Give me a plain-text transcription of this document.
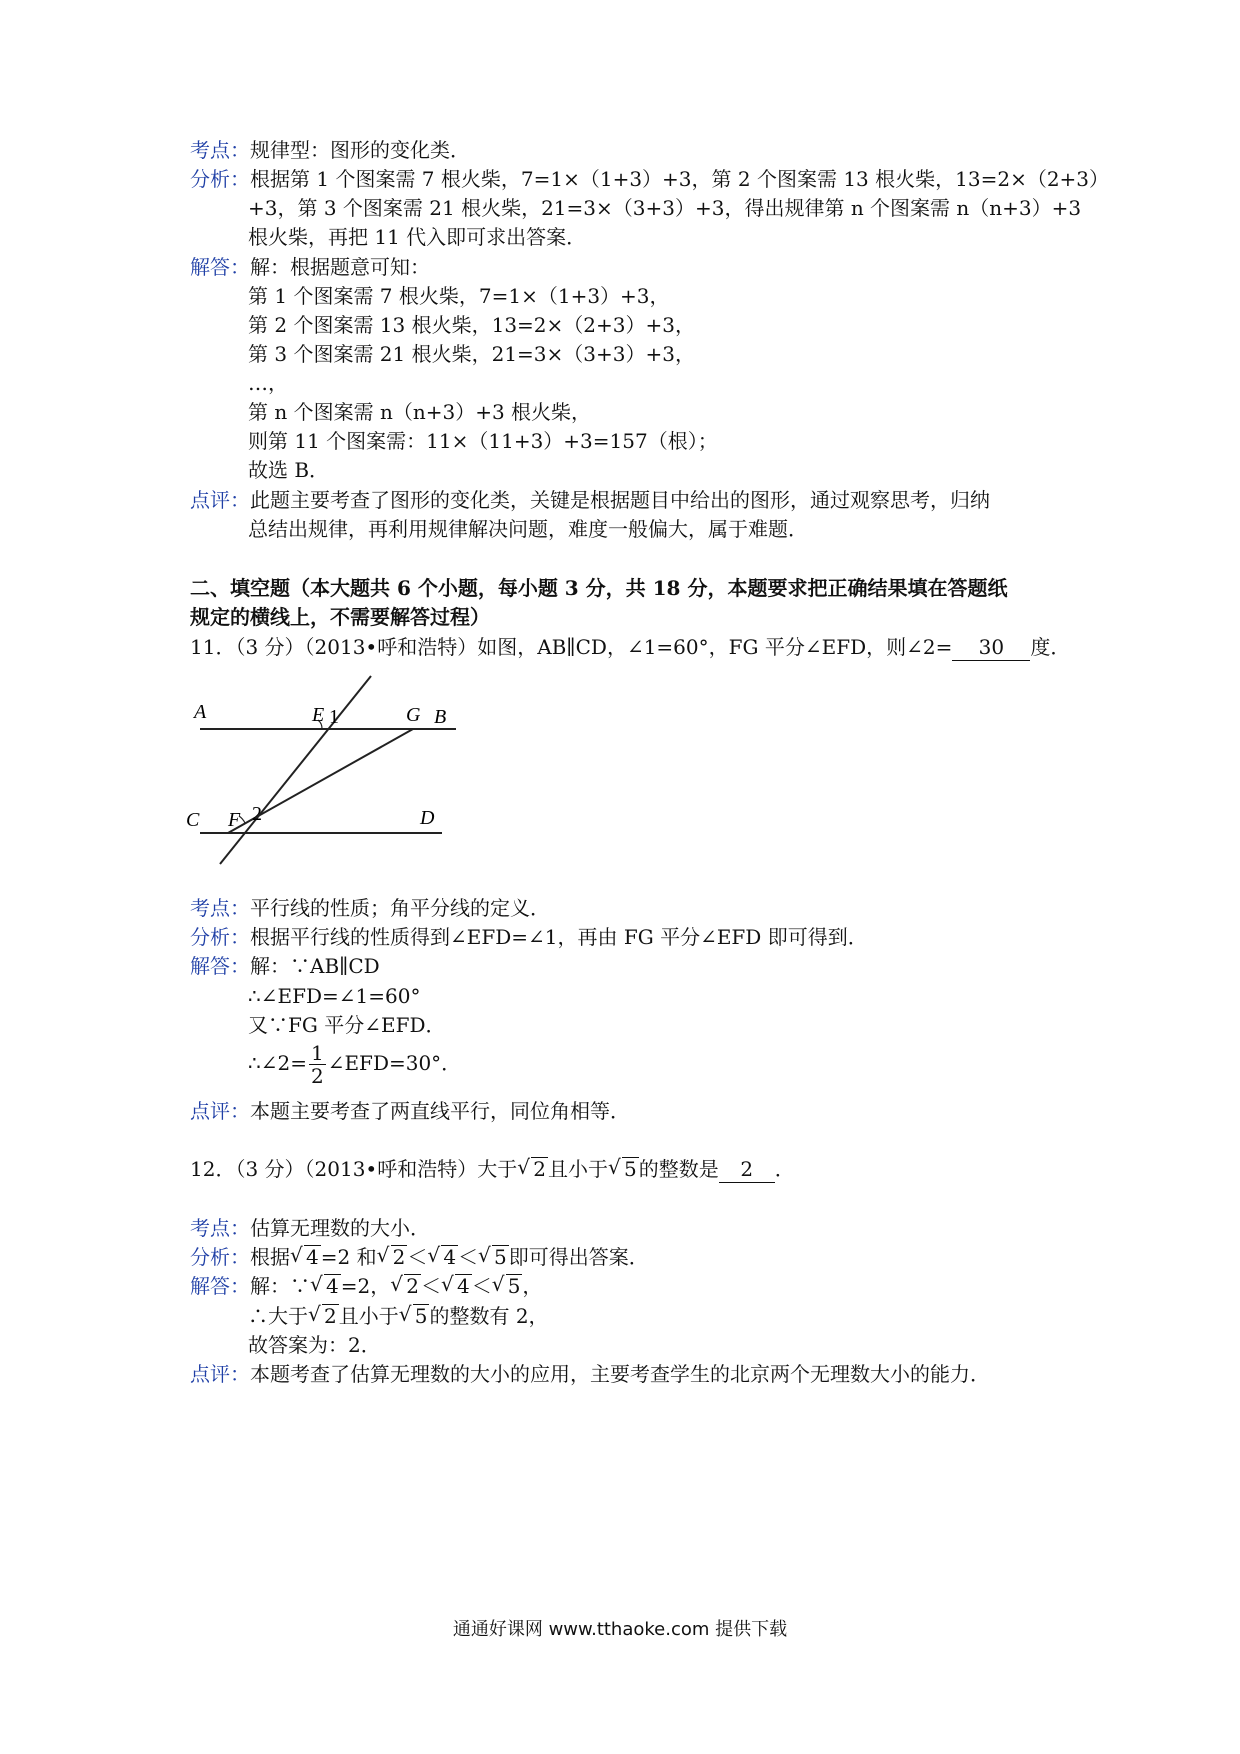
考点：规律型：图形的变化类．
分析：根据第 1 个图案需 7 根火柴，7=1×（1+3）+3，第 2 个图案需 13 根火柴，13=2×（2+3）
+3，第 3 个图案需 21 根火柴，21=3×（3+3）+3，得出规律第 n 个图案需 n（n+3）+3
根火柴，再把 11 代入即可求出答案．
解答：解：根据题意可知：
第 1 个图案需 7 根火柴，7=1×（1+3）+3，
第 2 个图案需 13 根火柴，13=2×（2+3）+3，
第 3 个图案需 21 根火柴，21=3×（3+3）+3，
…，
第 n 个图案需 n（n+3）+3 根火柴，
则第 11 个图案需：11×（11+3）+3=157（根）；
故选 B．
点评：此题主要考查了图形的变化类，关键是根据题目中给出的图形，通过观察思考，归纳
总结出规律，再利用规律解决问题，难度一般偏大，属于难题．
二、填空题（本大题共 6 个小题，每小题 3 分，共 18 分，本题要求把正确结果填在答题纸
规定的横线上，不需要解答过程）
11．（3 分）（2013•呼和浩特）如图，AB∥CD，∠1=60°，FG 平分∠EFD，则∠2= 30 度．
A	E 1	G B
2
C F	D
考点：平行线的性质；角平分线的定义．
分析：根据平行线的性质得到∠EFD=∠1，再由 FG 平分∠EFD 即可得到．
解答：解：∵AB∥CD
∴∠EFD=∠1=60°
又∵FG 平分∠EFD．
∴∠2= $\frac{1}{2}$ ∠EFD=30°．
点评：本题主要考查了两直线平行，同位角相等．
12．（3 分）（2013•呼和浩特）大于 √ 2 且小于 √ 5 的整数是 2 ．
考点：估算无理数的大小．
分析：根据 √ 4 =2 和 √ 2 ＜ √ 4 ＜ √ 5 即可得出答案．
解答：解：∵ √ 4 =2， √ 2 ＜ √ 4 ＜ √ 5 ，
∴大于 √ 2 且小于 √ 5 的整数有 2，
故答案为：2．
点评：本题考查了估算无理数的大小的应用，主要考查学生的北京两个无理数大小的能力．
通通好课网 www.tthaoke.com 提供下载
